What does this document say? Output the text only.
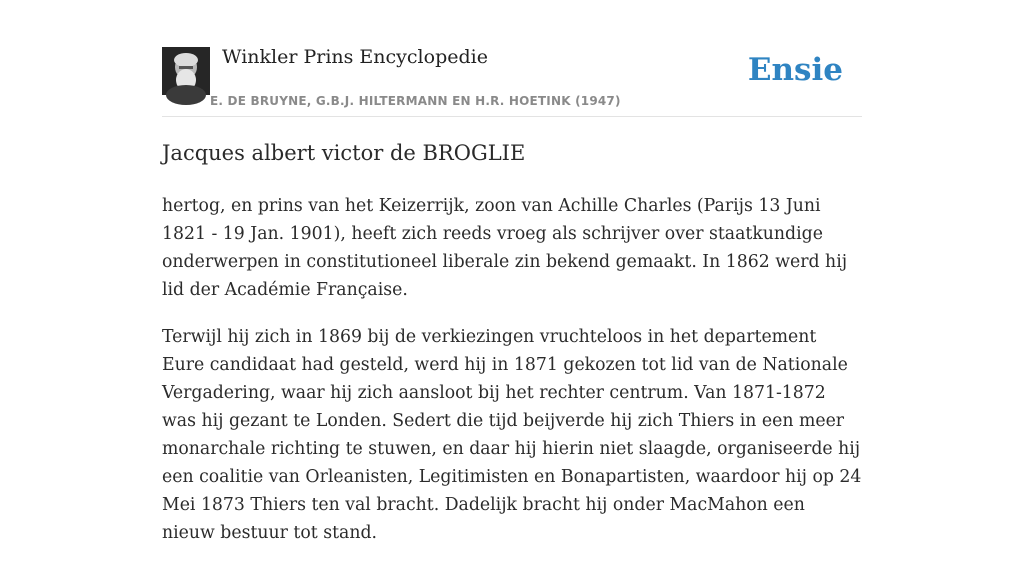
Winkler Prins Encyclopedie
E. DE BRUYNE, G.B.J. HILTERMANN EN H.R. HOETINK (1947)
Ensie
Jacques albert victor de BROGLIE

hertog, en prins van het Keizerrijk, zoon van Achille Charles (Parijs 13 Juni 1821 - 19 Jan. 1901), heeft zich reeds vroeg als schrijver over staatkundige onderwerpen in constitutioneel liberale zin bekend gemaakt. In 1862 werd hij lid der Académie Française.

Terwijl hij zich in 1869 bij de verkiezingen vruchteloos in het departement Eure candidaat had gesteld, werd hij in 1871 gekozen tot lid van de Nationale Vergadering, waar hij zich aansloot bij het rechter centrum. Van 1871-1872 was hij gezant te Londen. Sedert die tijd beijverde hij zich Thiers in een meer monarchale richting te stuwen, en daar hij hierin niet slaagde, organiseerde hij een coalitie van Orleanisten, Legitimisten en Bonapartisten, waardoor hij op 24 Mei 1873 Thiers ten val bracht. Dadelijk bracht hij onder MacMahon een nieuw bestuur tot stand.
